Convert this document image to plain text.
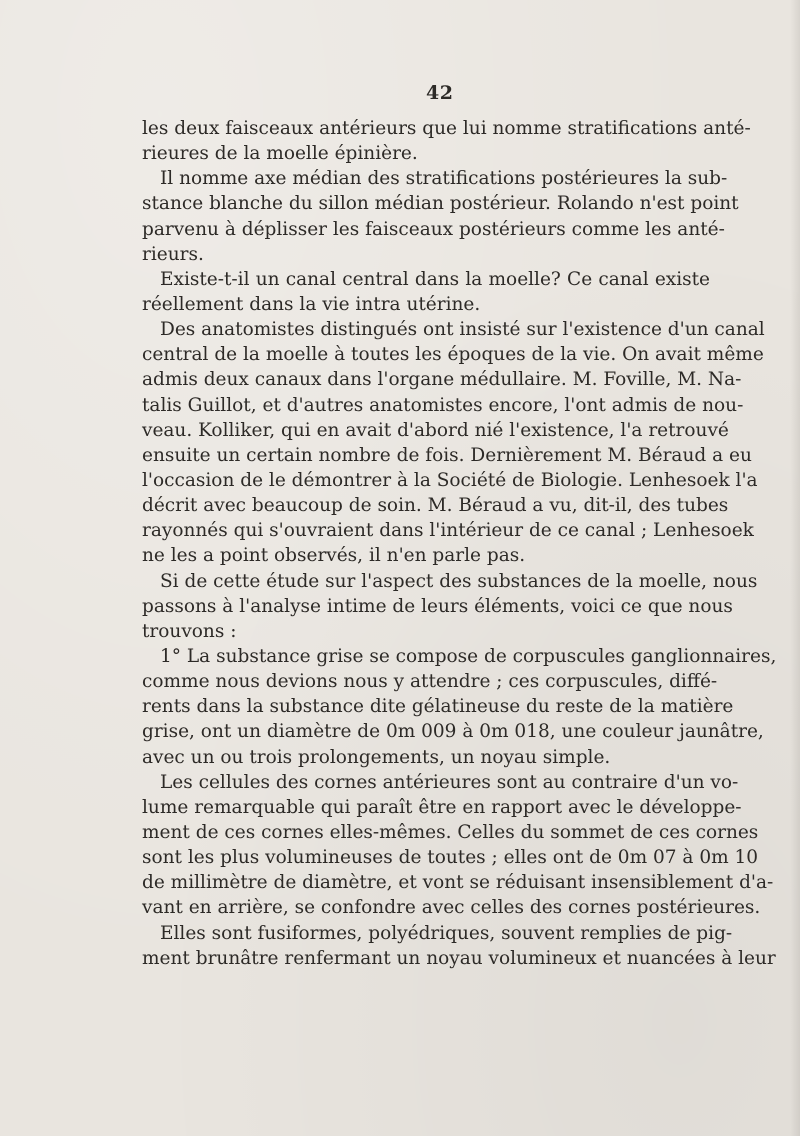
42
les deux faisceaux antérieurs que lui nomme stratifications anté-
rieures de la moelle épinière.
Il nomme axe médian des stratifications postérieures la sub-
stance blanche du sillon médian postérieur. Rolando n'est point
parvenu à déplisser les faisceaux postérieurs comme les anté-
rieurs.
Existe-t-il un canal central dans la moelle? Ce canal existe
réellement dans la vie intra utérine.
Des anatomistes distingués ont insisté sur l'existence d'un canal
central de la moelle à toutes les époques de la vie. On avait même
admis deux canaux dans l'organe médullaire. M. Foville, M. Na-
talis Guillot, et d'autres anatomistes encore, l'ont admis de nou-
veau. Kolliker, qui en avait d'abord nié l'existence, l'a retrouvé
ensuite un certain nombre de fois. Dernièrement M. Béraud a eu
l'occasion de le démontrer à la Société de Biologie. Lenhesoek l'a
décrit avec beaucoup de soin. M. Béraud a vu, dit-il, des tubes
rayonnés qui s'ouvraient dans l'intérieur de ce canal ; Lenhesoek
ne les a point observés, il n'en parle pas.
Si de cette étude sur l'aspect des substances de la moelle, nous
passons à l'analyse intime de leurs éléments, voici ce que nous
trouvons :
1° La substance grise se compose de corpuscules ganglionnaires,
comme nous devions nous y attendre ; ces corpuscules, diffé-
rents dans la substance dite gélatineuse du reste de la matière
grise, ont un diamètre de 0m 009 à 0m 018, une couleur jaunâtre,
avec un ou trois prolongements, un noyau simple.
Les cellules des cornes antérieures sont au contraire d'un vo-
lume remarquable qui paraît être en rapport avec le développe-
ment de ces cornes elles-mêmes. Celles du sommet de ces cornes
sont les plus volumineuses de toutes ; elles ont de 0m 07 à 0m 10
de millimètre de diamètre, et vont se réduisant insensiblement d'a-
vant en arrière, se confondre avec celles des cornes postérieures.
Elles sont fusiformes, polyédriques, souvent remplies de pig-
ment brunâtre renfermant un noyau volumineux et nuancées à leur
